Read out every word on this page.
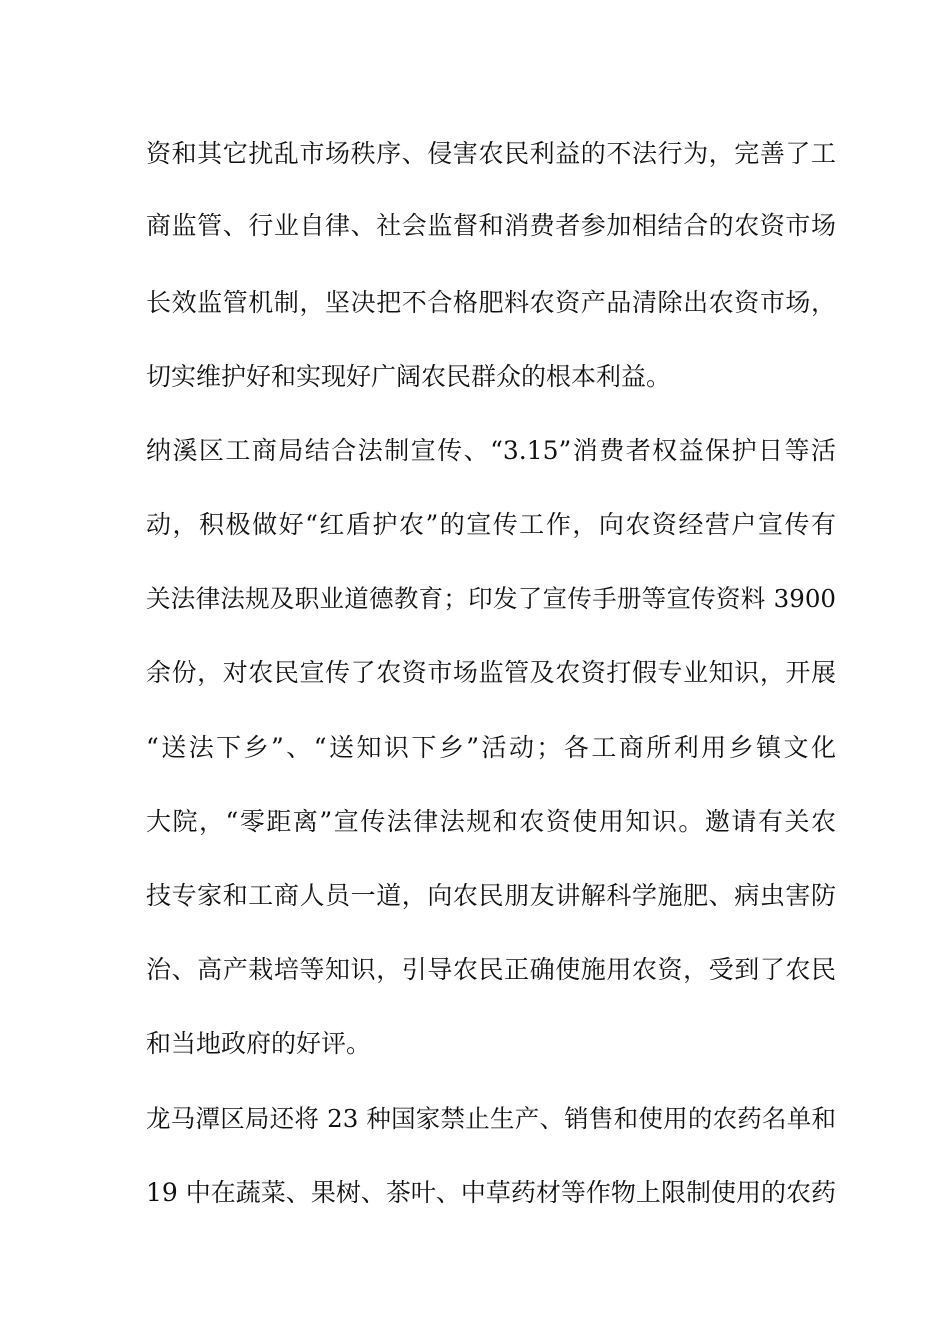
资和其它扰乱市场秩序、侵害农民利益的不法行为，完善了工
商监管、行业自律、社会监督和消费者参加相结合的农资市场
长效监管机制，坚决把不合格肥料农资产品清除出农资市场，
切实维护好和实现好广阔农民群众的根本利益。
纳溪区工商局结合法制宣传、“3.15”消费者权益保护日等活
动，积极做好“红盾护农”的宣传工作，向农资经营户宣传有
关法律法规及职业道德教育；印发了宣传手册等宣传资料 3900
余份，对农民宣传了农资市场监管及农资打假专业知识，开展
“送法下乡”、“送知识下乡”活动；各工商所利用乡镇文化
大院，“零距离”宣传法律法规和农资使用知识。邀请有关农
技专家和工商人员一道，向农民朋友讲解科学施肥、病虫害防
治、高产栽培等知识，引导农民正确使施用农资，受到了农民
和当地政府的好评。
龙马潭区局还将 23 种国家禁止生产、销售和使用的农药名单和
19 中在蔬菜、果树、茶叶、中草药材等作物上限制使用的农药
